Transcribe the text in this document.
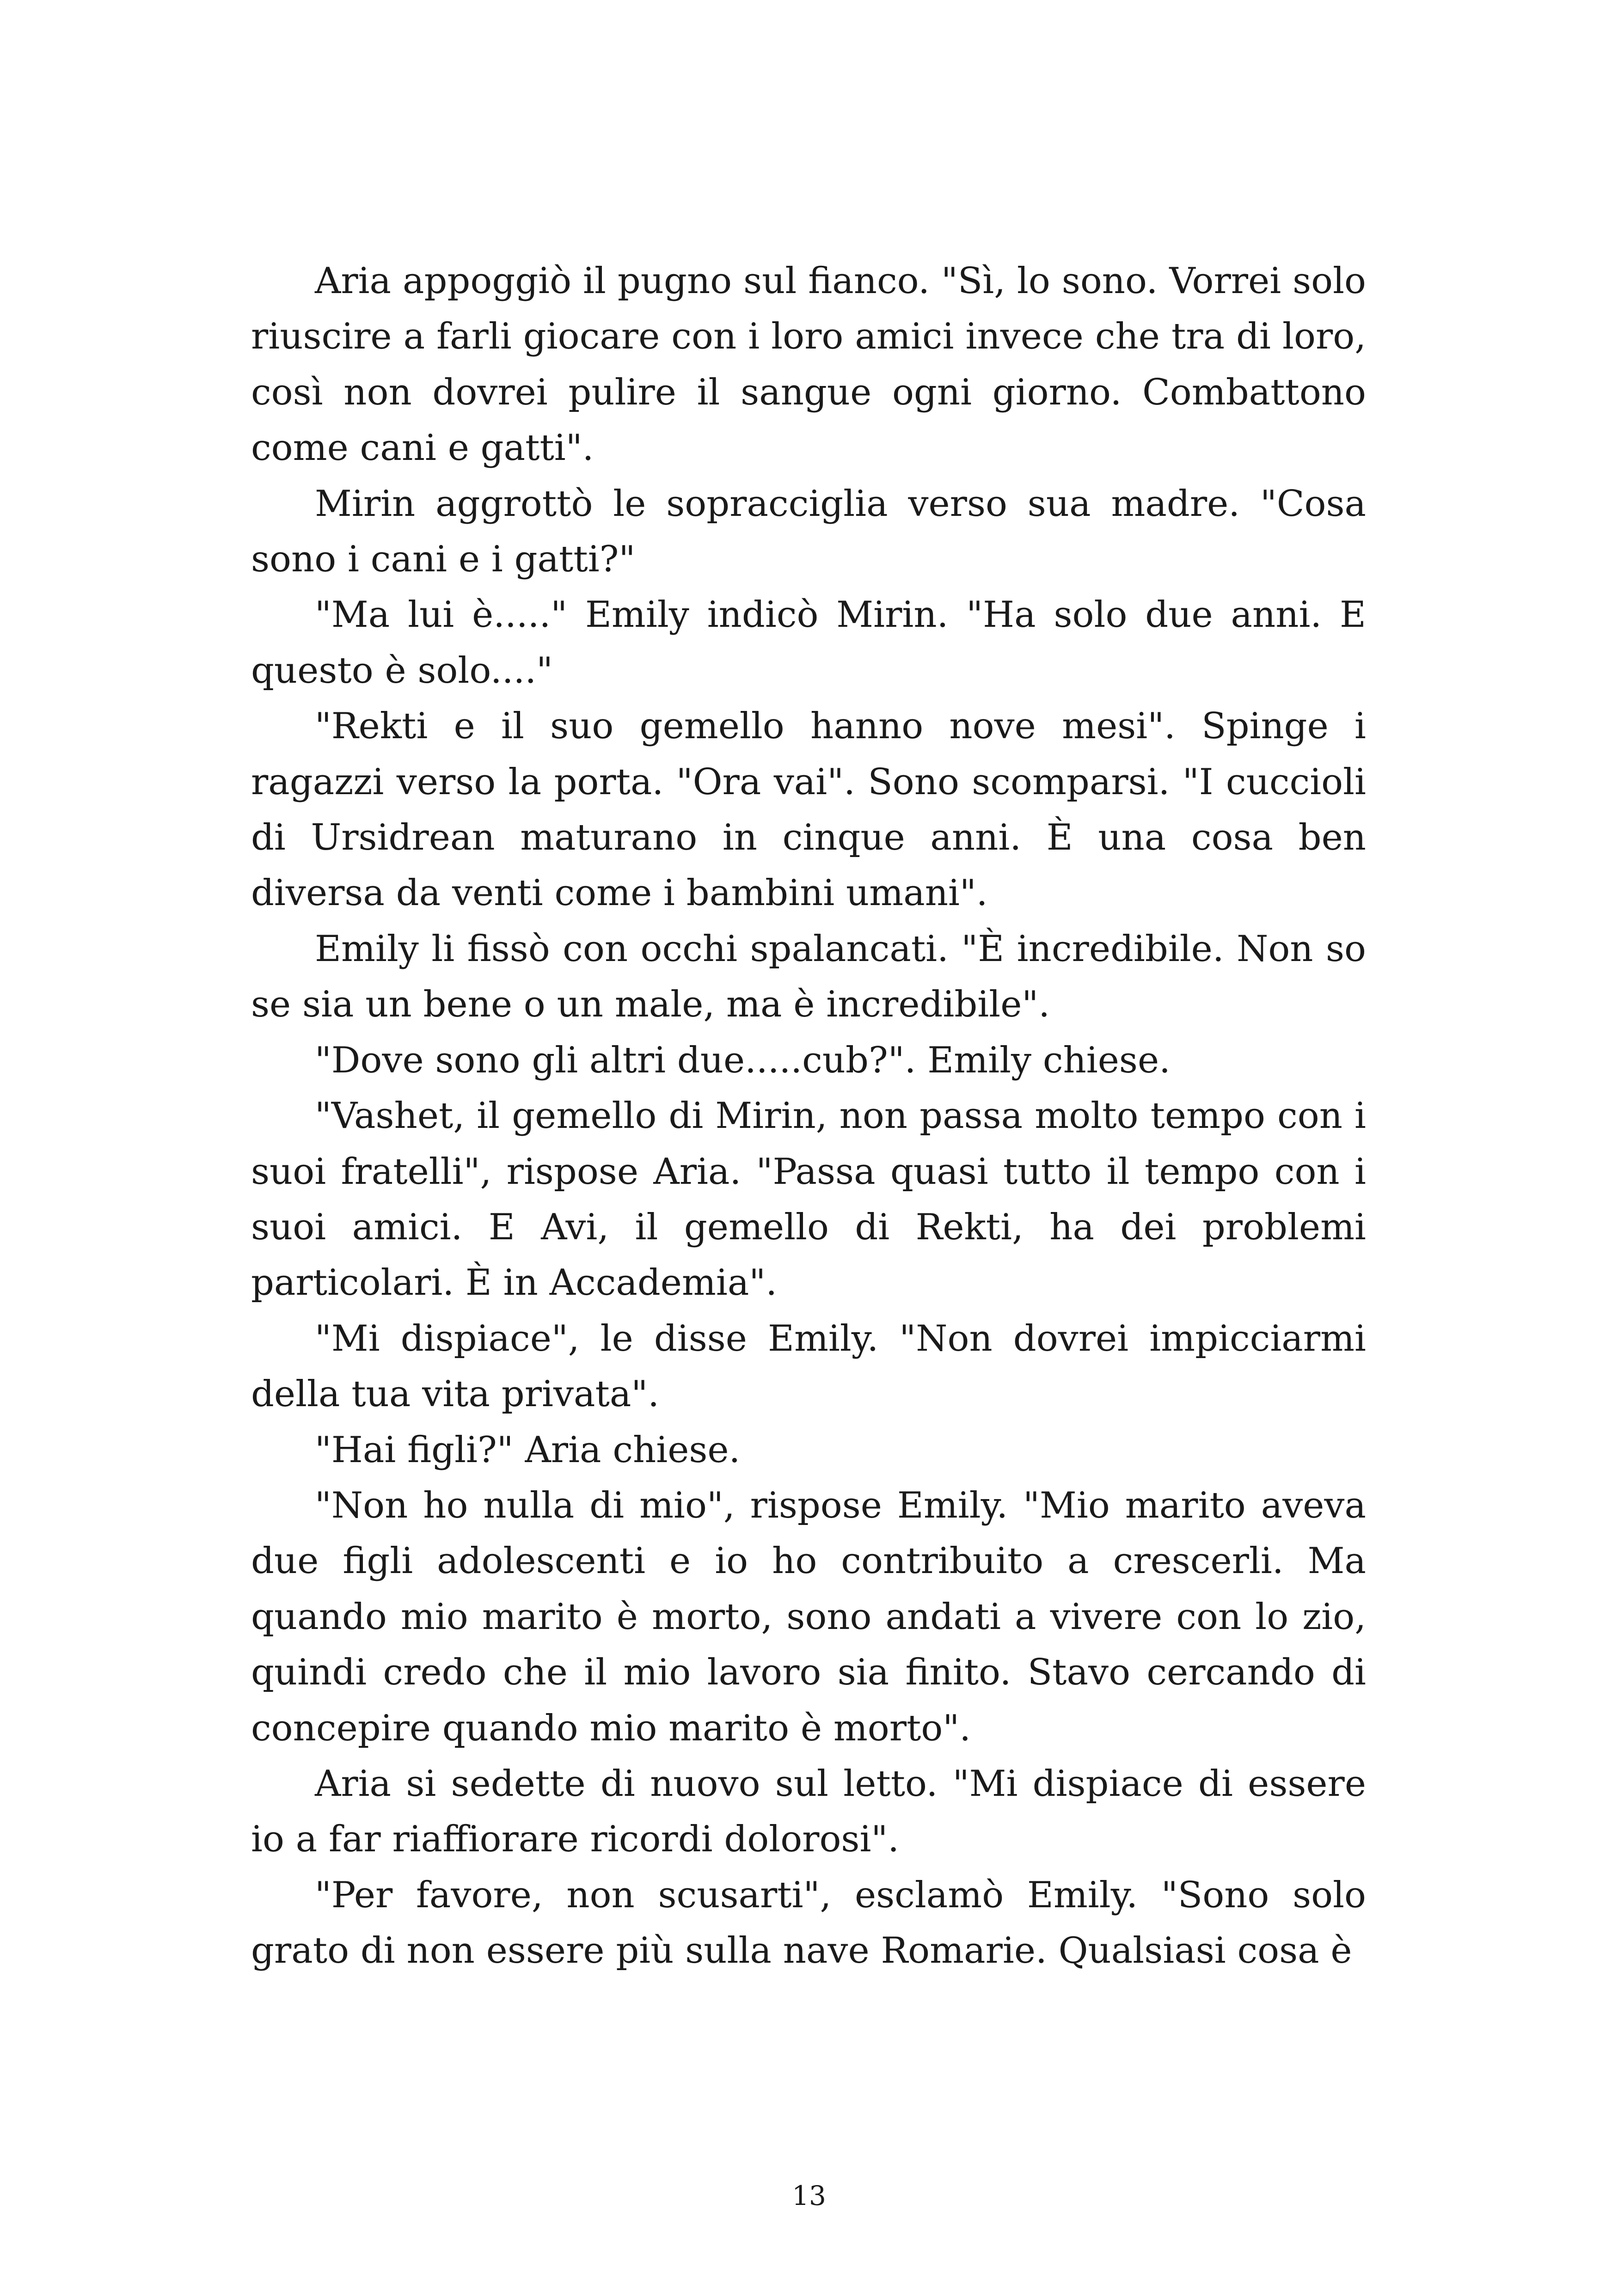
Aria appoggiò il pugno sul fianco. "Sì, lo sono. Vorrei solo riuscire a farli giocare con i loro amici invece che tra di loro, così non dovrei pulire il sangue ogni giorno. Combattono come cani e gatti".

Mirin aggrottò le sopracciglia verso sua madre. "Cosa sono i cani e i gatti?"

"Ma lui è....." Emily indicò Mirin. "Ha solo due anni. E questo è solo...."

"Rekti e il suo gemello hanno nove mesi". Spinge i ragazzi verso la porta. "Ora vai". Sono scomparsi. "I cuccioli di Ursidrean maturano in cinque anni. È una cosa ben diversa da venti come i bambini umani".

Emily li fissò con occhi spalancati. "È incredibile. Non so se sia un bene o un male, ma è incredibile".

"Dove sono gli altri due.....cub?". Emily chiese.

"Vashet, il gemello di Mirin, non passa molto tempo con i suoi fratelli", rispose Aria. "Passa quasi tutto il tempo con i suoi amici. E Avi, il gemello di Rekti, ha dei problemi particolari. È in Accademia".

"Mi dispiace", le disse Emily. "Non dovrei impicciarmi della tua vita privata".

"Hai figli?" Aria chiese.

"Non ho nulla di mio", rispose Emily. "Mio marito aveva due figli adolescenti e io ho contribuito a crescerli. Ma quando mio marito è morto, sono andati a vivere con lo zio, quindi credo che il mio lavoro sia finito. Stavo cercando di concepire quando mio marito è morto".

Aria si sedette di nuovo sul letto. "Mi dispiace di essere io a far riaffiorare ricordi dolorosi".

"Per favore, non scusarti", esclamò Emily. "Sono solo grato di non essere più sulla nave Romarie. Qualsiasi cosa è

13
